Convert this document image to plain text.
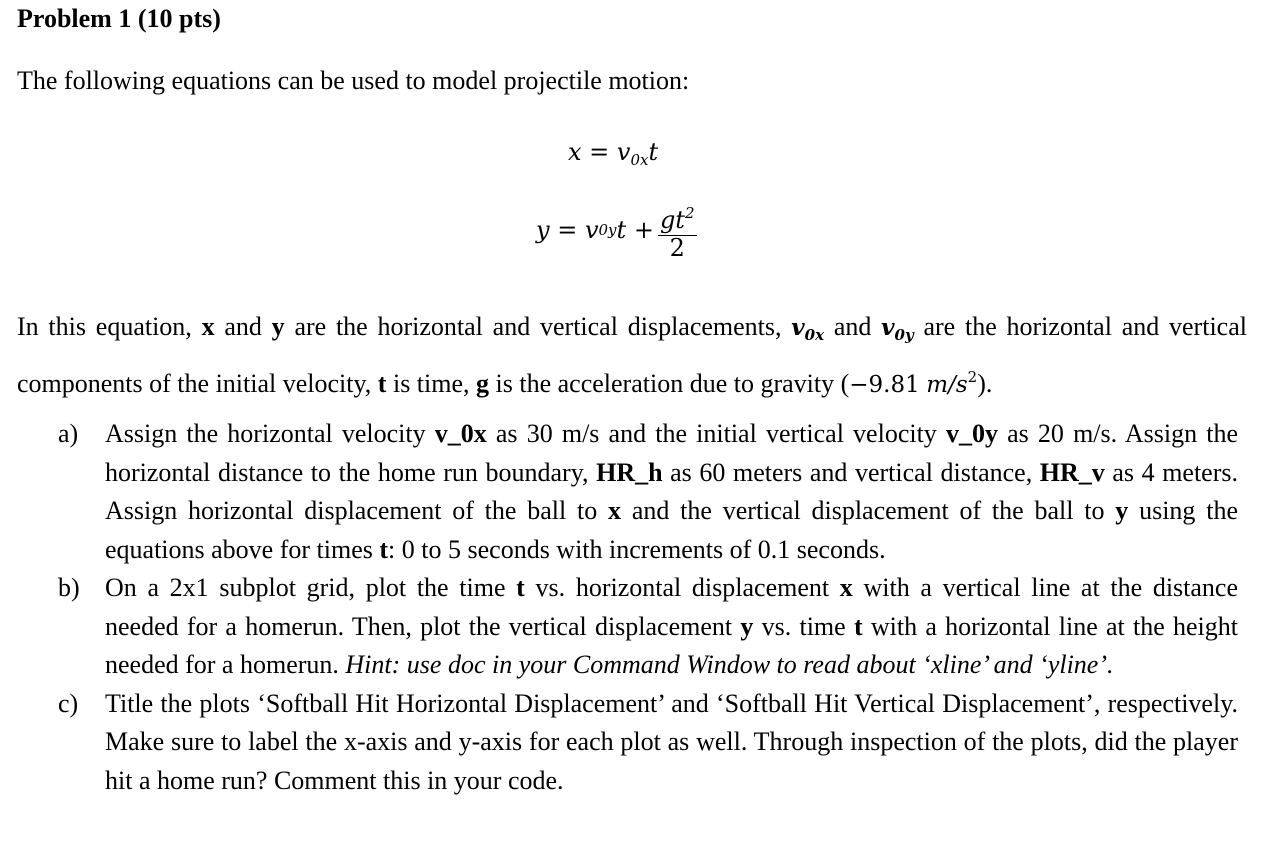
Problem 1 (10 pts)
The following equations can be used to model projectile motion:
$x = v_{0x}t$
y = v 0y $t + \frac{gt^2}{2}$
In this equation, x and y are the horizontal and vertical displacements, $v_{0x}$ and $v_{0y}$ are the horizontal and vertical components of the initial velocity, t is time, g is the acceleration due to gravity (−9.81 $m/s^2$).
a)	Assign the horizontal velocity v_0x as 30 m/s and the initial vertical velocity v_0y as 20 m/s. Assign the horizontal distance to the home run boundary, HR_h as 60 meters and vertical distance, HR_v as 4 meters. Assign horizontal displacement of the ball to x and the vertical displacement of the ball to y using the equations above for times t: 0 to 5 seconds with increments of 0.1 seconds.
b) On a 2x1 subplot grid, plot the time t vs. horizontal displacement x with a vertical line at the distance needed for a homerun. Then, plot the vertical displacement y vs. time t with a horizontal line at the height needed for a homerun. Hint: use doc in your Command Window to read about ‘xline’ and ‘yline’.
c)	Title the plots ‘Softball Hit Horizontal Displacement’ and ‘Softball Hit Vertical Displacement’, respectively. Make sure to label the x-axis and y-axis for each plot as well. Through inspection of the plots, did the player hit a home run? Comment this in your code.
